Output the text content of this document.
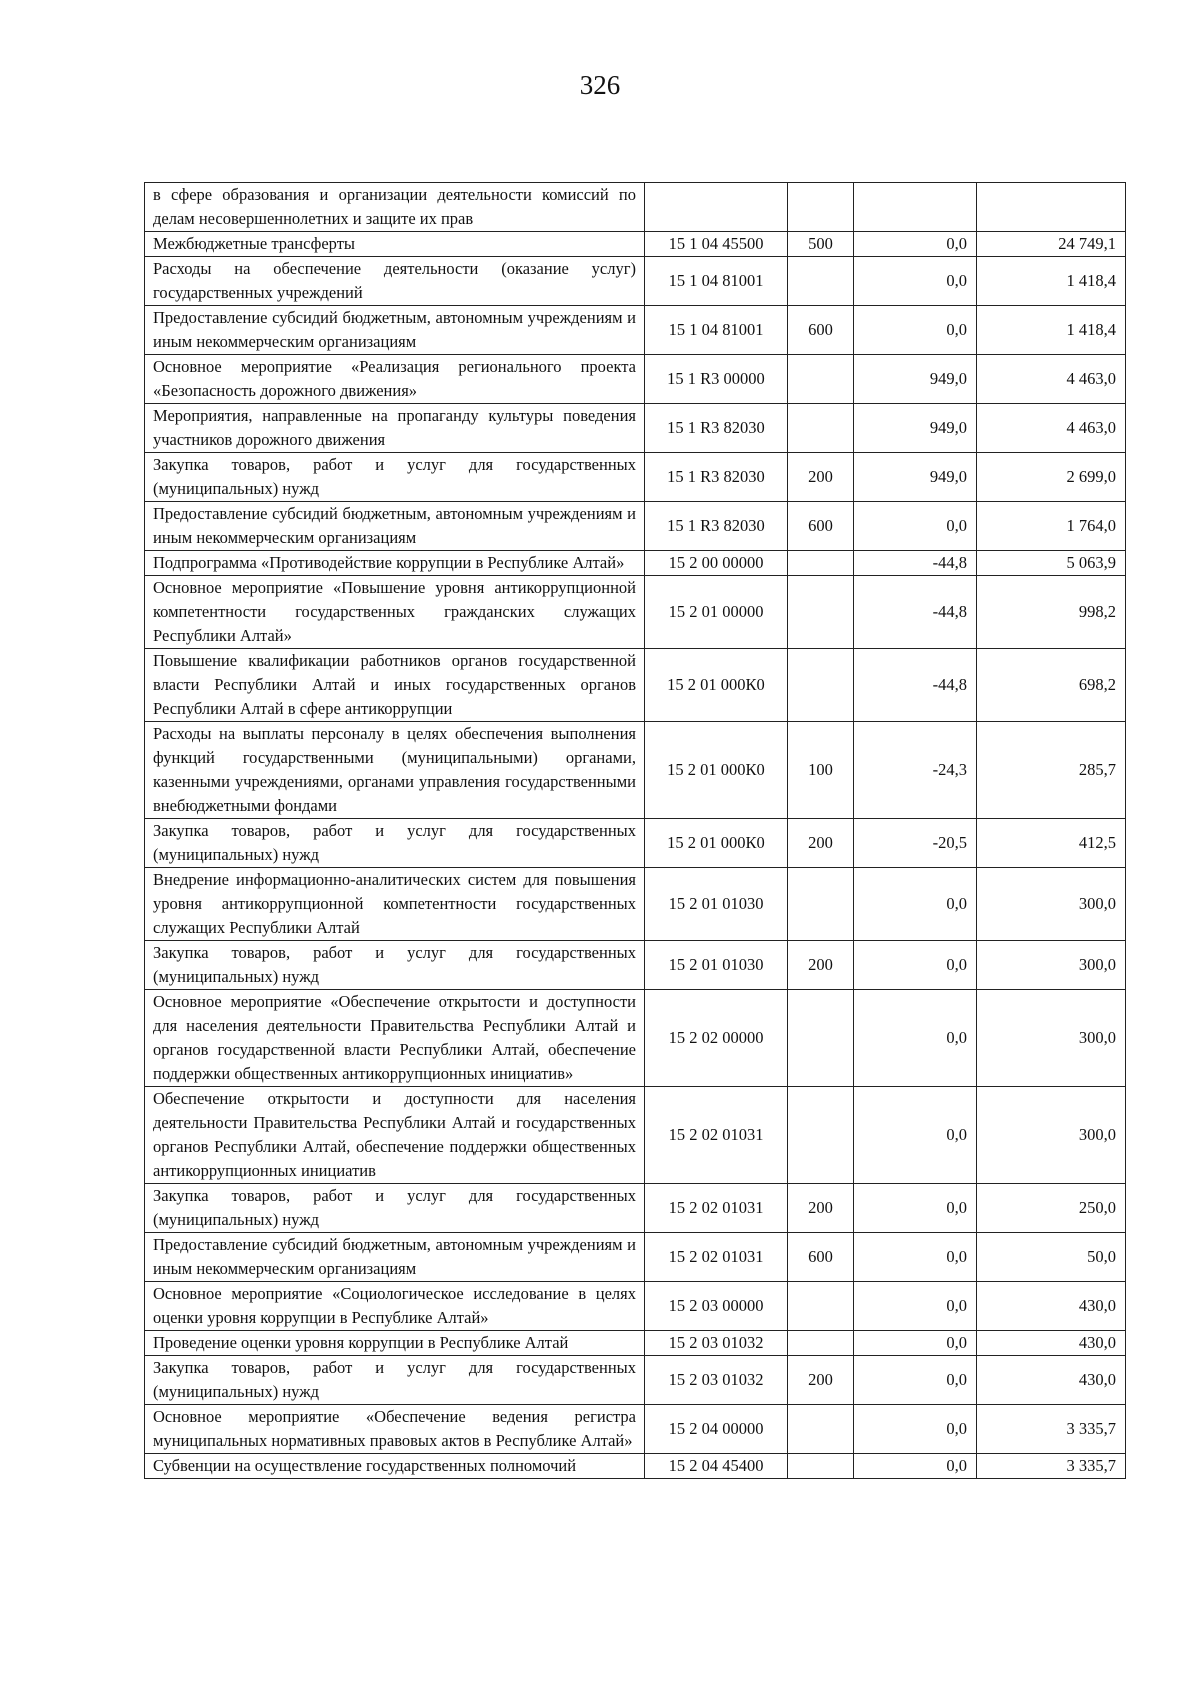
326
в сфере образования и организации деятельности комиссий по делам несовершеннолетних и защите их прав				
Межбюджетные трансферты	15 1 04 45500	500	0,0	24 749,1
Расходы на обеспечение деятельности (оказание услуг) государственных учреждений	15 1 04 81001		0,0	1 418,4
Предоставление субсидий бюджетным, автономным учреждениям и иным некоммерческим организациям	15 1 04 81001	600	0,0	1 418,4
Основное мероприятие «Реализация регионального проекта «Безопасность дорожного движения»	15 1 R3 00000		949,0	4 463,0
Мероприятия, направленные на пропаганду культуры поведения участников дорожного движения	15 1 R3 82030		949,0	4 463,0
Закупка товаров, работ и услуг для государственных (муниципальных) нужд	15 1 R3 82030	200	949,0	2 699,0
Предоставление субсидий бюджетным, автономным учреждениям и иным некоммерческим организациям	15 1 R3 82030	600	0,0	1 764,0
Подпрограмма «Противодействие коррупции в Республике Алтай»	15 2 00 00000		-44,8	5 063,9
Основное мероприятие «Повышение уровня антикоррупционной компетентности государственных гражданских служащих Республики Алтай»	15 2 01 00000		-44,8	998,2
Повышение квалификации работников органов государственной власти Республики Алтай и иных государственных органов Республики Алтай в сфере антикоррупции	15 2 01 000К0		-44,8	698,2
Расходы на выплаты персоналу в целях обеспечения выполнения функций государственными (муниципальными) органами, казенными учреждениями, органами управления государственными внебюджетными фондами	15 2 01 000К0	100	-24,3	285,7
Закупка товаров, работ и услуг для государственных (муниципальных) нужд	15 2 01 000К0	200	-20,5	412,5
Внедрение информационно-аналитических систем для повышения уровня антикоррупционной компетентности государственных служащих Республики Алтай	15 2 01 01030		0,0	300,0
Закупка товаров, работ и услуг для государственных (муниципальных) нужд	15 2 01 01030	200	0,0	300,0
Основное мероприятие «Обеспечение открытости и доступности для населения деятельности Правительства Республики Алтай и органов государственной власти Республики Алтай, обеспечение поддержки общественных антикоррупционных инициатив»	15 2 02 00000		0,0	300,0
Обеспечение открытости и доступности для населения деятельности Правительства Республики Алтай и государственных органов Республики Алтай, обеспечение поддержки общественных антикоррупционных инициатив	15 2 02 01031		0,0	300,0
Закупка товаров, работ и услуг для государственных (муниципальных) нужд	15 2 02 01031	200	0,0	250,0
Предоставление субсидий бюджетным, автономным учреждениям и иным некоммерческим организациям	15 2 02 01031	600	0,0	50,0
Основное мероприятие «Социологическое исследование в целях оценки уровня коррупции в Республике Алтай»	15 2 03 00000		0,0	430,0
Проведение оценки уровня коррупции в Республике Алтай	15 2 03 01032		0,0	430,0
Закупка товаров, работ и услуг для государственных (муниципальных) нужд	15 2 03 01032	200	0,0	430,0
Основное мероприятие «Обеспечение ведения регистра муниципальных нормативных правовых актов в Республике Алтай»	15 2 04 00000		0,0	3 335,7
Субвенции на осуществление государственных полномочий	15 2 04 45400		0,0	3 335,7
